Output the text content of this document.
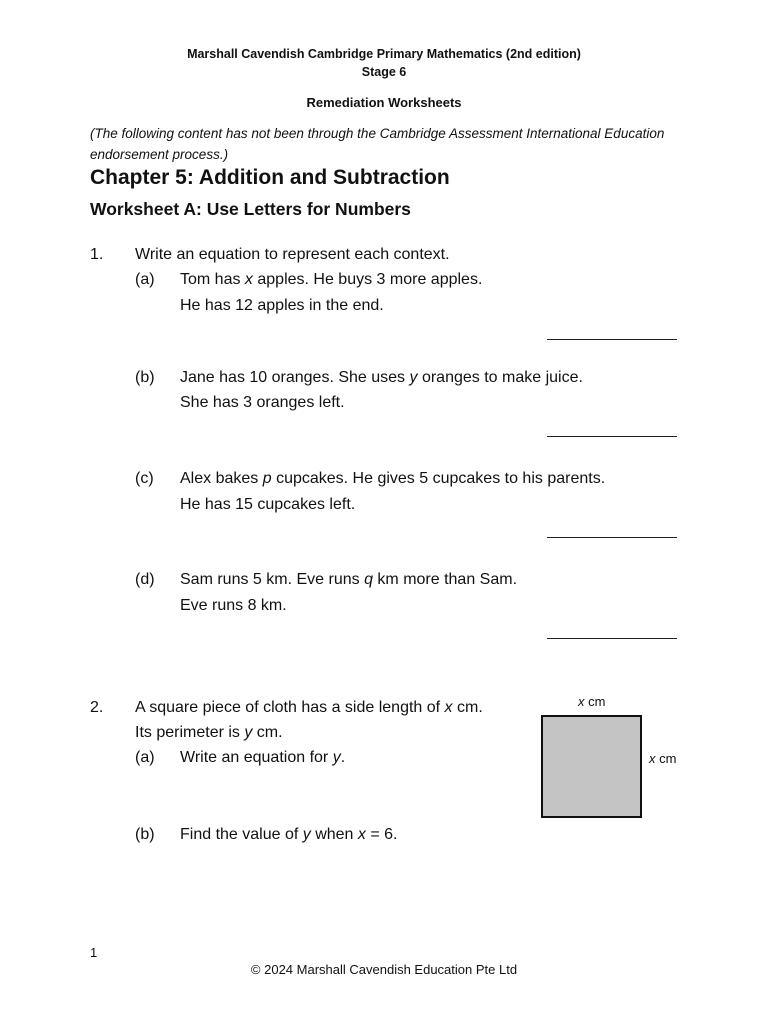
Marshall Cavendish Cambridge Primary Mathematics (2nd edition)
Stage 6
Remediation Worksheets
(The following content has not been through the Cambridge Assessment International Education endorsement process.)
Chapter 5: Addition and Subtraction
Worksheet A: Use Letters for Numbers
1. Write an equation to represent each context.
(a) Tom has x apples. He buys 3 more apples.
He has 12 apples in the end.
(b) Jane has 10 oranges. She uses y oranges to make juice.
She has 3 oranges left.
(c) Alex bakes p cupcakes. He gives 5 cupcakes to his parents.
He has 15 cupcakes left.
(d) Sam runs 5 km. Eve runs q km more than Sam.
Eve runs 8 km.
2. A square piece of cloth has a side length of x cm.
Its perimeter is y cm.
(a) Write an equation for y.
(b) Find the value of y when x = 6.
x cm
x cm
1
© 2024 Marshall Cavendish Education Pte Ltd
